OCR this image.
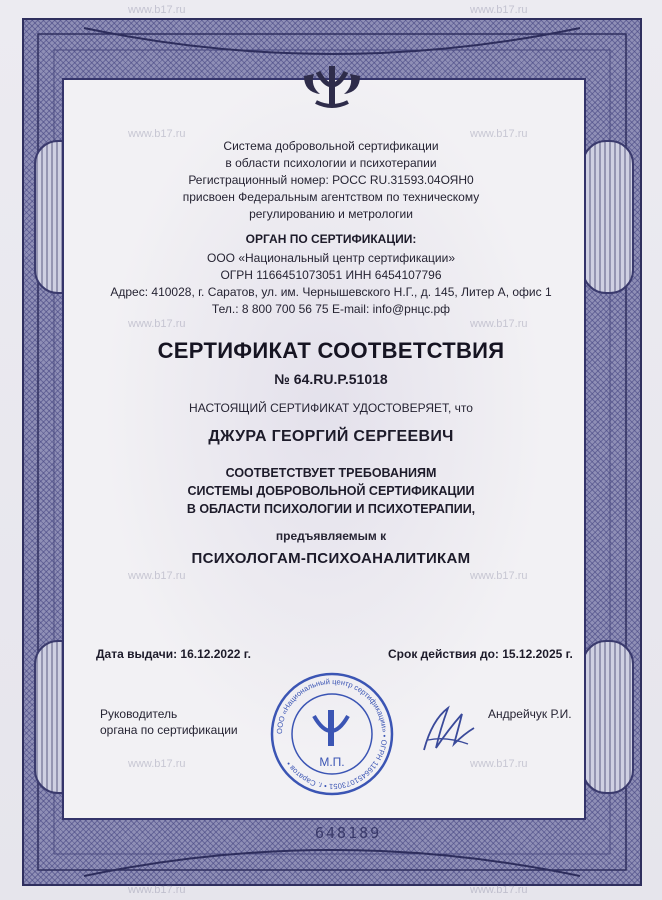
www.b17.ru	www.b17.ru
www.b17.ru	www.b17.ru
www.b17.ru	www.b17.ru
www.b17.ru	www.b17.ru
www.b17.ru	www.b17.ru
www.b17.ru	www.b17.ru
Система добровольной сертификации
в области психологии и психотерапии
Регистрационный номер: РОСС RU.31593.04ОЯН0
присвоен Федеральным агентством по техническому
регулированию и метрологии
ОРГАН ПО СЕРТИФИКАЦИИ:
ООО «Национальный центр сертификации»
ОГРН 1166451073051 ИНН 6454107796
Адрес: 410028, г. Саратов, ул. им. Чернышевского Н.Г., д. 145, Литер А, офис 1
Тел.: 8 800 700 56 75 E-mail: info@рнцс.рф
СЕРТИФИКАТ СООТВЕТСТВИЯ
№ 64.RU.P.51018
НАСТОЯЩИЙ СЕРТИФИКАТ УДОСТОВЕРЯЕТ, что
ДЖУРА ГЕОРГИЙ СЕРГЕЕВИЧ
СООТВЕТСТВУЕТ ТРЕБОВАНИЯМ
СИСТЕМЫ ДОБРОВОЛЬНОЙ СЕРТИФИКАЦИИ
В ОБЛАСТИ ПСИХОЛОГИИ И ПСИХОТЕРАПИИ,
предъявляемым к
ПСИХОЛОГАМ-ПСИХОАНАЛИТИКАМ
Дата выдачи: 16.12.2022 г.	Срок действия до: 15.12.2025 г.
Руководитель
органа по сертификации
Андрейчук Р.И.
ООО «Национальный центр сертификации» • ОГРН 1166451073051 • г. Саратов •	М.П.
648189
